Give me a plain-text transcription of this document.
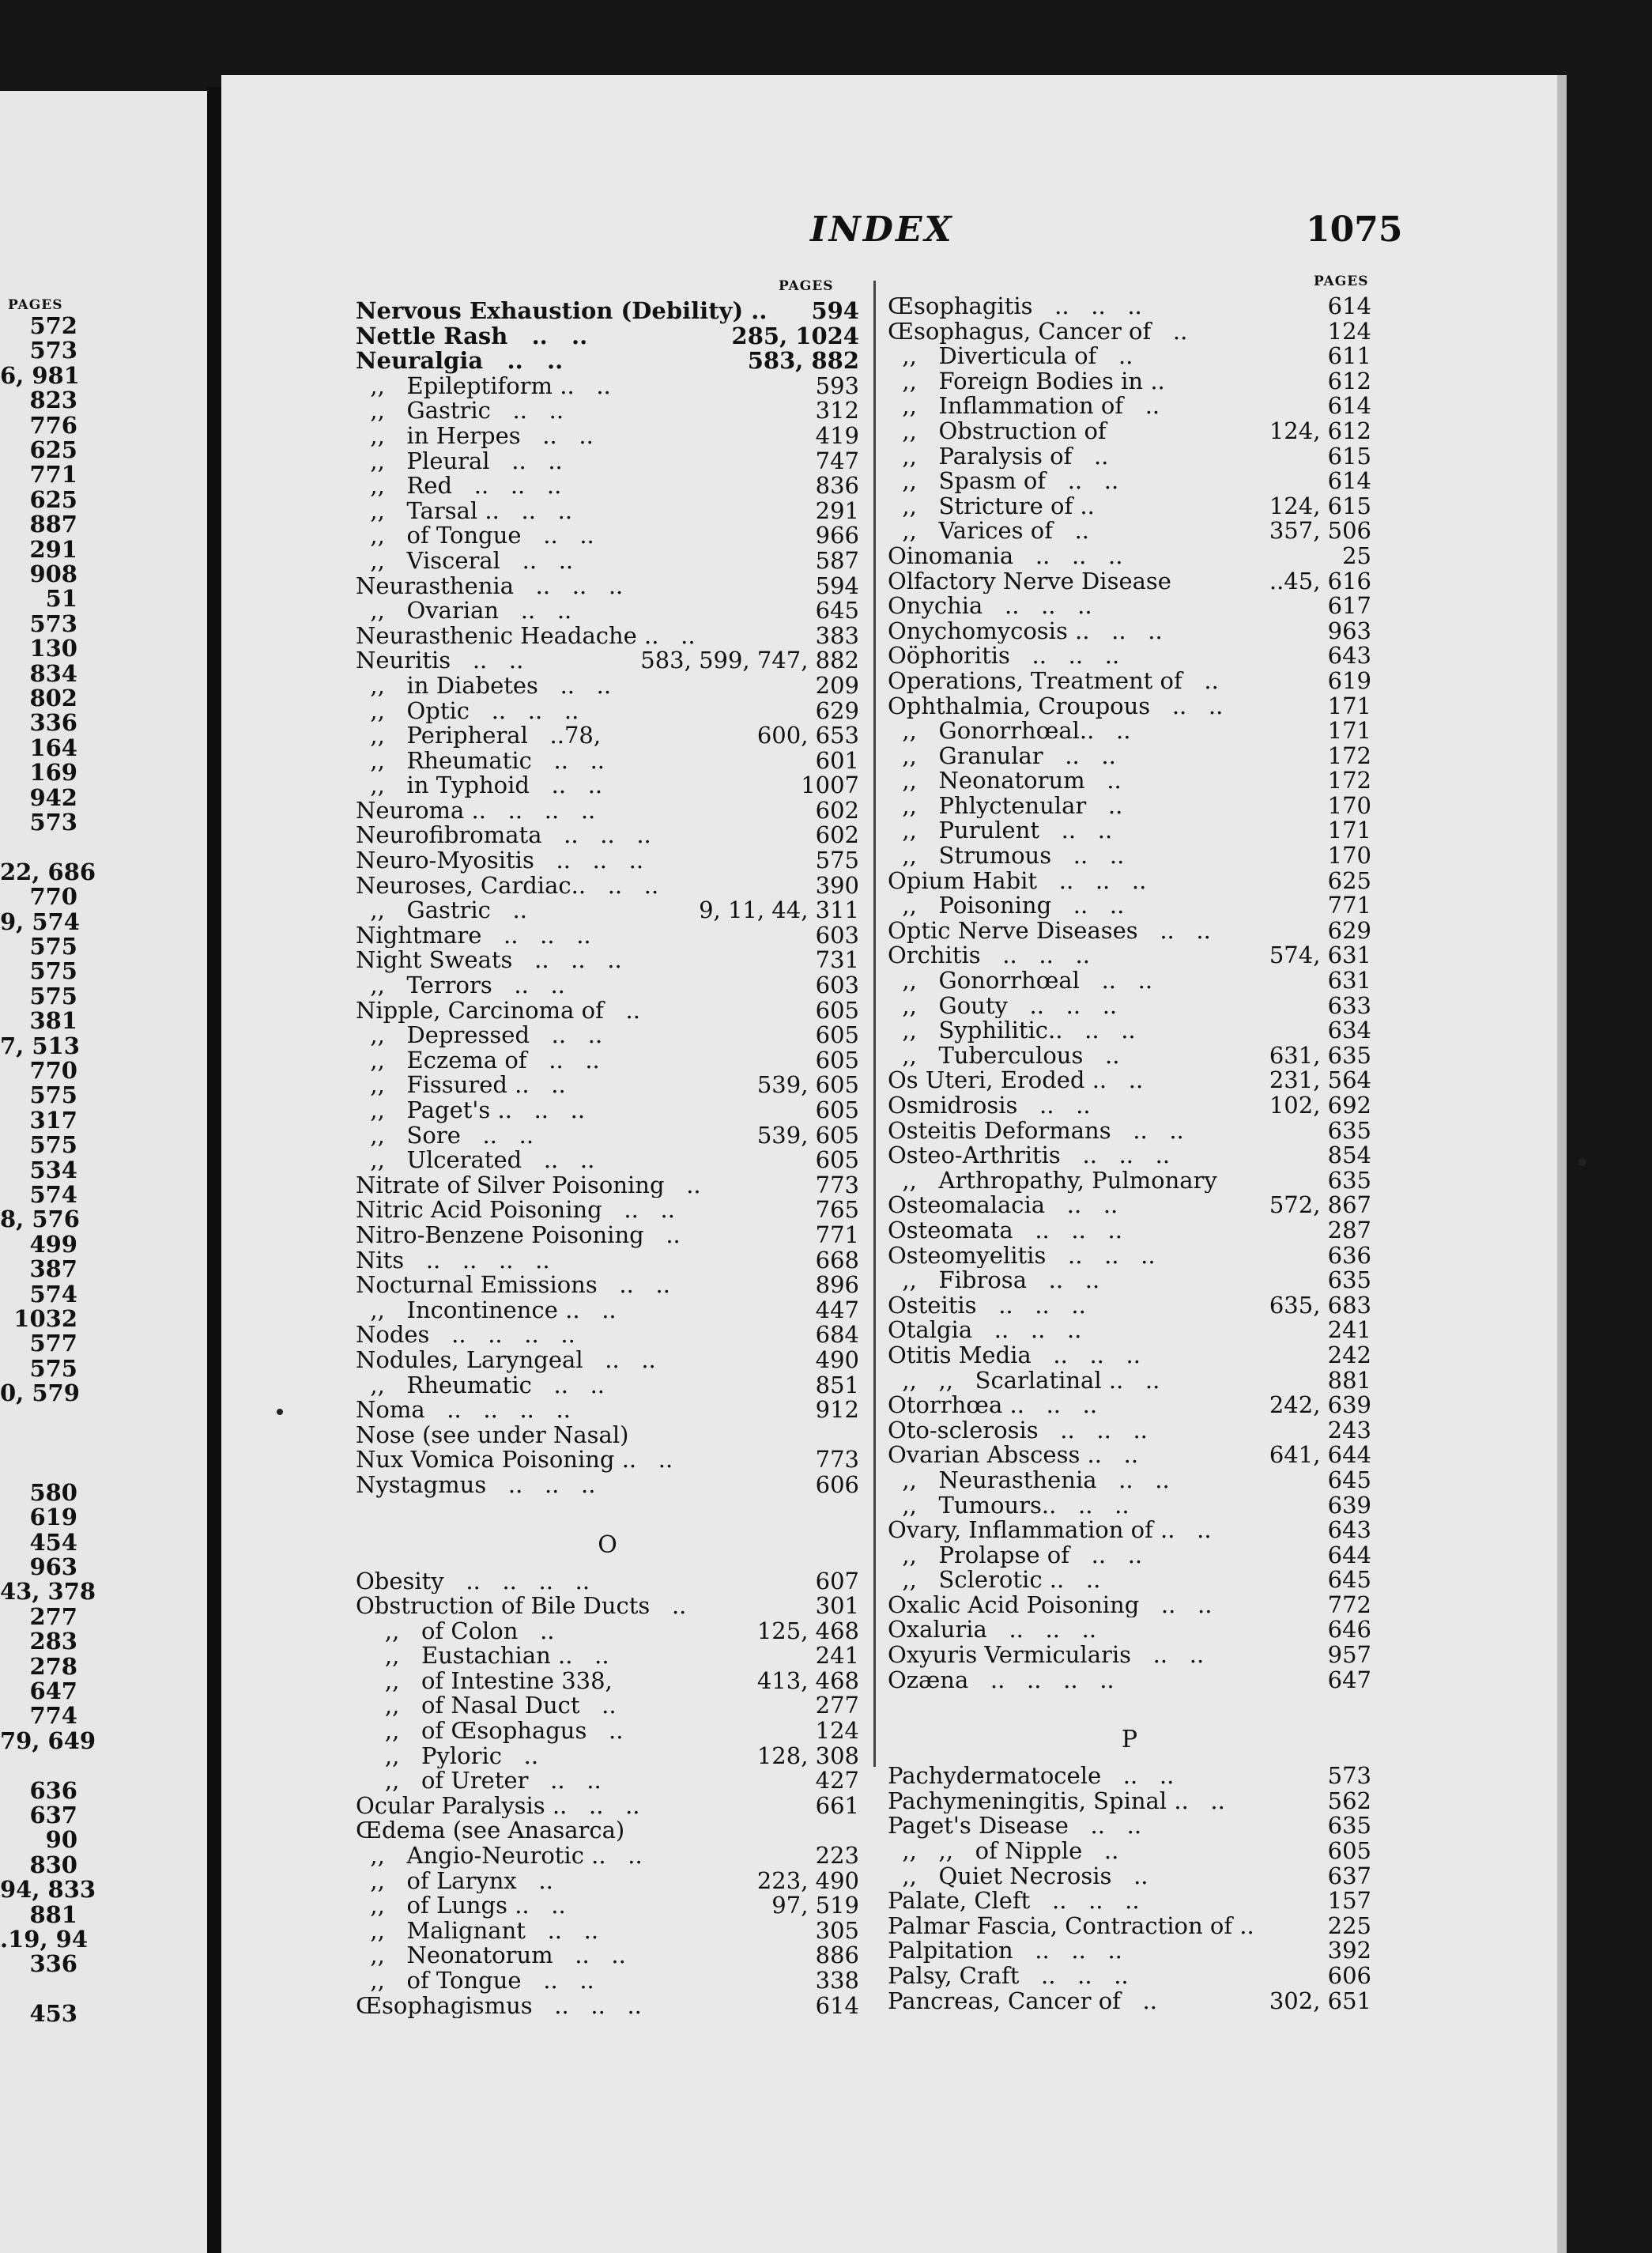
INDEX	1075
PAGES
PAGES	PAGES
572
573
6, 981
823
776
625
771
625
887
291
908
51
573
130
834
802
336
164
169
942
573
22, 686
770
9, 574
575
575
575
381
7, 513
770
575
317
575
534
574
8, 576
499
387
574
1032
577
575
0, 579
580
619
454
963
43, 378
277
283
278
647
774
79, 649
636
637
90
830
94, 833
881
.19, 94
336
453
Nervous Exhaustion (Debility) .. 594
Nettle Rash   ..   ..	285, 1024
Neuralgia   ..   ..	583, 882
,,   Epileptiform ..   ..	593
,,   Gastric   ..   ..	312
,,   in Herpes   ..   ..	419
,,   Pleural   ..   ..	747
,,   Red   ..   ..   ..	836
,,   Tarsal ..   ..   ..	291
,,   of Tongue   ..   ..	966
,,   Visceral   ..   ..	587
Neurasthenia   ..   ..   ..	594
,,   Ovarian   ..   ..	645
Neurasthenic Headache ..   ..	383
Neuritis   ..   ..	583, 599, 747, 882
,,   in Diabetes   ..   ..	209
,,   Optic   ..   ..   ..	629
,,   Peripheral   ..78,	600, 653
,,   Rheumatic   ..   ..	601
,,   in Typhoid   ..   ..	1007
Neuroma ..   ..   ..   ..	602
Neurofibromata   ..   ..   ..	602
Neuro-Myositis   ..   ..   ..	575
Neuroses, Cardiac..   ..   ..	390
,,   Gastric   ..	9, 11, 44, 311
Nightmare   ..   ..   ..	603
Night Sweats   ..   ..   ..	731
,,   Terrors   ..   ..	603
Nipple, Carcinoma of   ..	605
,,   Depressed   ..   ..	605
,,   Eczema of   ..   ..	605
,,   Fissured ..   ..	539, 605
,,   Paget's ..   ..   ..	605
,,   Sore   ..   ..	539, 605
,,   Ulcerated   ..   ..	605
Nitrate of Silver Poisoning   ..	773
Nitric Acid Poisoning   ..   ..	765
Nitro-Benzene Poisoning   ..	771
Nits   ..   ..   ..   ..	668
Nocturnal Emissions   ..   ..	896
,,   Incontinence ..   ..	447
Nodes   ..   ..   ..   ..	684
Nodules, Laryngeal   ..   ..	490
,,   Rheumatic   ..   ..	851
Noma   ..   ..   ..   ..	912
Nose (see under Nasal)
Nux Vomica Poisoning ..   ..	773
Nystagmus   ..   ..   ..	606
O
Obesity   ..   ..   ..   ..	607
Obstruction of Bile Ducts   ..	301
,,   of Colon   ..	125, 468
,,   Eustachian ..   ..	241
,,   of Intestine 338,	413, 468
,,   of Nasal Duct   ..	277
,,   of Œsophagus   ..	124
,,   Pyloric   ..	128, 308
,,   of Ureter   ..   ..	427
Ocular Paralysis ..   ..   ..	661
Œdema (see Anasarca)
,,   Angio-Neurotic ..   ..	223
,,   of Larynx   ..	223, 490
,,   of Lungs ..   ..	97, 519
,,   Malignant   ..   ..	305
,,   Neonatorum   ..   ..	886
,,   of Tongue   ..   ..	338
Œsophagismus   ..   ..   ..	614
Œsophagitis   ..   ..   ..	614
Œsophagus, Cancer of   ..	124
,,   Diverticula of   ..	611
,,   Foreign Bodies in ..	612
,,   Inflammation of   ..	614
,,   Obstruction of	124, 612
,,   Paralysis of   ..	615
,,   Spasm of   ..   ..	614
,,   Stricture of ..	124, 615
,,   Varices of   ..	357, 506
Oinomania   ..   ..   ..	25
Olfactory Nerve Disease	..45, 616
Onychia   ..   ..   ..	617
Onychomycosis ..   ..   ..	963
Oöphoritis   ..   ..   ..	643
Operations, Treatment of   ..	619
Ophthalmia, Croupous   ..   ..	171
,,   Gonorrhœal..   ..	171
,,   Granular   ..   ..	172
,,   Neonatorum   ..	172
,,   Phlyctenular   ..	170
,,   Purulent   ..   ..	171
,,   Strumous   ..   ..	170
Opium Habit   ..   ..   ..	625
,,   Poisoning   ..   ..	771
Optic Nerve Diseases   ..   ..	629
Orchitis   ..   ..   ..	574, 631
,,   Gonorrhœal   ..   ..	631
,,   Gouty   ..   ..   ..	633
,,   Syphilitic..   ..   ..	634
,,   Tuberculous   ..	631, 635
Os Uteri, Eroded ..   ..	231, 564
Osmidrosis   ..   ..	102, 692
Osteitis Deformans   ..   ..	635
Osteo-Arthritis   ..   ..   ..	854
,,   Arthropathy, Pulmonary	635
Osteomalacia   ..   ..	572, 867
Osteomata   ..   ..   ..	287
Osteomyelitis   ..   ..   ..	636
,,   Fibrosa   ..   ..	635
Osteitis   ..   ..   ..	635, 683
Otalgia   ..   ..   ..	241
Otitis Media   ..   ..   ..	242
,,   ,,   Scarlatinal ..   ..	881
Otorrhœa ..   ..   ..	242, 639
Oto-sclerosis   ..   ..   ..	243
Ovarian Abscess ..   ..	641, 644
,,   Neurasthenia   ..   ..	645
,,   Tumours..   ..   ..	639
Ovary, Inflammation of ..   ..	643
,,   Prolapse of   ..   ..	644
,,   Sclerotic ..   ..	645
Oxalic Acid Poisoning   ..   ..	772
Oxaluria   ..   ..   ..	646
Oxyuris Vermicularis   ..   ..	957
Ozæna   ..   ..   ..   ..	647
P
Pachydermatocele   ..   ..	573
Pachymeningitis, Spinal ..   ..	562
Paget's Disease   ..   ..	635
,,   ,,   of Nipple   ..	605
,,   Quiet Necrosis   ..	637
Palate, Cleft   ..   ..   ..	157
Palmar Fascia, Contraction of ..	225
Palpitation   ..   ..   ..	392
Palsy, Craft   ..   ..   ..	606
Pancreas, Cancer of   ..	302, 651
